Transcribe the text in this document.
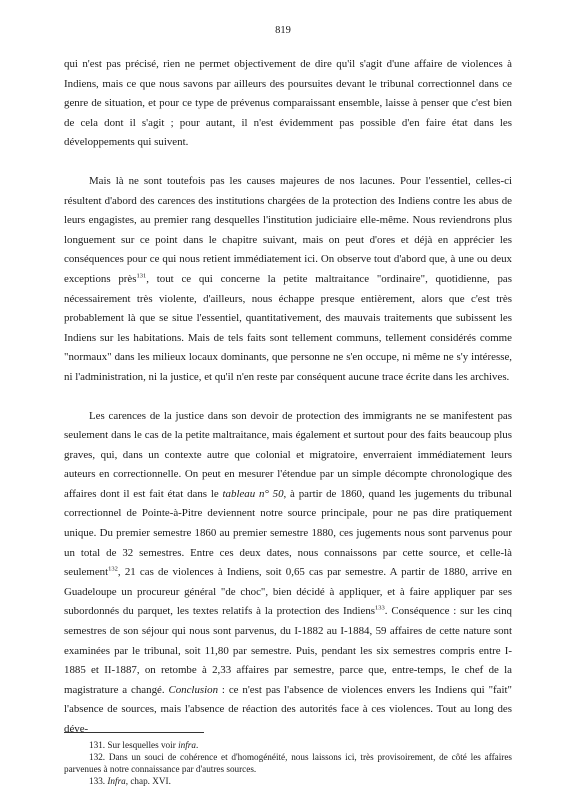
819

qui n'est pas précisé, rien ne permet objectivement de dire qu'il s'agit d'une affaire de violences à Indiens, mais ce que nous savons par ailleurs des poursuites devant le tribunal correctionnel dans ce genre de situation, et pour ce type de prévenus comparaissant ensemble, laisse à penser que c'est bien de cela dont il s'agit ; pour autant, il n'est évidemment pas possible d'en faire état dans les développements qui suivent.

Mais là ne sont toutefois pas les causes majeures de nos lacunes. Pour l'essentiel, celles-ci résultent d'abord des carences des institutions chargées de la protection des Indiens contre les abus de leurs engagistes, au premier rang desquelles l'institution judiciaire elle-même. Nous reviendrons plus longuement sur ce point dans le chapitre suivant, mais on peut d'ores et déjà en apprécier les conséquences pour ce qui nous retient immédiatement ici. On observe tout d'abord que, à une ou deux exceptions près$^{131}$, tout ce qui concerne la petite maltraitance "ordinaire", quotidienne, pas nécessairement très violente, d'ailleurs, nous échappe presque entièrement, alors que c'est très probablement là que se situe l'essentiel, quantitativement, des mauvais traitements que subissent les Indiens sur les habitations. Mais de tels faits sont tellement communs, tellement considérés comme "normaux" dans les milieux locaux dominants, que personne ne s'en occupe, ni même ne s'y intéresse, ni l'administration, ni la justice, et qu'il n'en reste par conséquent aucune trace écrite dans les archives.

Les carences de la justice dans son devoir de protection des immigrants ne se manifestent pas seulement dans le cas de la petite maltraitance, mais également et surtout pour des faits beaucoup plus graves, qui, dans un contexte autre que colonial et migratoire, enverraient immédiatement leurs auteurs en correctionnelle. On peut en mesurer l'étendue par un simple décompte chronologique des affaires dont il est fait état dans le tableau n° 50, à partir de 1860, quand les jugements du tribunal correctionnel de Pointe-à-Pitre deviennent notre source principale, pour ne pas dire pratiquement unique. Du premier semestre 1860 au premier semestre 1880, ces jugements nous sont parvenus pour un total de 32 semestres. Entre ces deux dates, nous connaissons par cette source, et celle-là seulement$^{132}$, 21 cas de violences à Indiens, soit 0,65 cas par semestre. A partir de 1880, arrive en Guadeloupe un procureur général "de choc", bien décidé à appliquer, et à faire appliquer par ses subordonnés du parquet, les textes relatifs à la protection des Indiens$^{133}$. Conséquence : sur les cinq semestres de son séjour qui nous sont parvenus, du I-1882 au I-1884, 59 affaires de cette nature sont examinées par le tribunal, soit 11,80 par semestre. Puis, pendant les six semestres compris entre I-1885 et II-1887, on retombe à 2,33 affaires par semestre, parce que, entre-temps, le chef de la magistrature a changé. Conclusion : ce n'est pas l'absence de violences envers les Indiens qui "fait" l'absence de sources, mais l'absence de réaction des autorités face à ces violences. Tout au long des déve-

131. Sur lesquelles voir infra.

132. Dans un souci de cohérence et d'homogénéité, nous laissons ici, très provisoirement, de côté les affaires parvenues à notre connaissance par d'autres sources.

133. Infra, chap. XVI.
